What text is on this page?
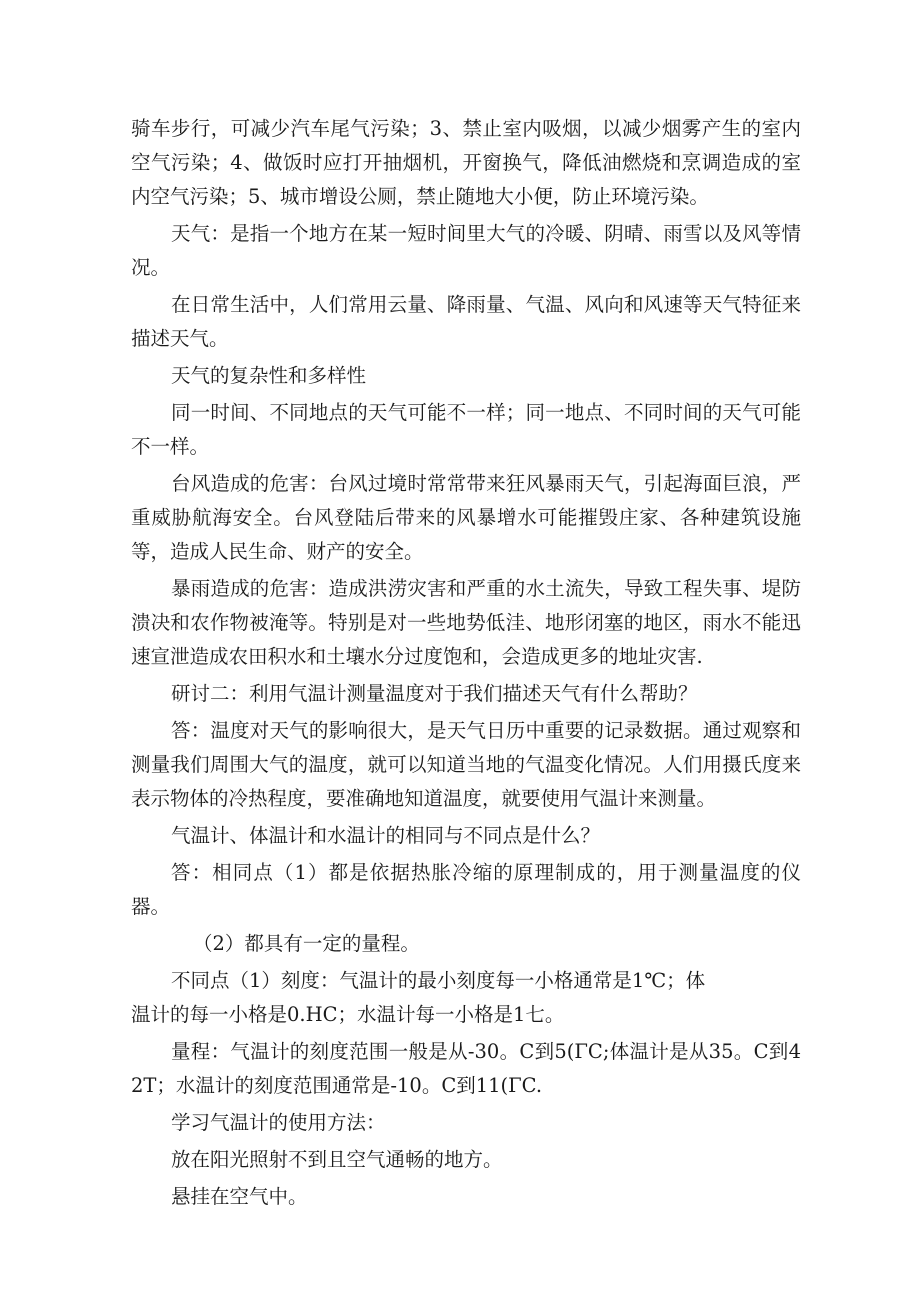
骑车步行，可减少汽车尾气污染；3、禁止室内吸烟，以减少烟雾产生的室内空气污染；4、做饭时应打开抽烟机，开窗换气，降低油燃烧和烹调造成的室内空气污染；5、城市增设公厕，禁止随地大小便，防止环境污染。

天气：是指一个地方在某一短时间里大气的冷暖、阴晴、雨雪以及风等情况。

在日常生活中，人们常用云量、降雨量、气温、风向和风速等天气特征来描述天气。

天气的复杂性和多样性

同一时间、不同地点的天气可能不一样；同一地点、不同时间的天气可能不一样。

台风造成的危害：台风过境时常常带来狂风暴雨天气，引起海面巨浪，严重威胁航海安全。台风登陆后带来的风暴增水可能摧毁庄家、各种建筑设施等，造成人民生命、财产的安全。

暴雨造成的危害：造成洪涝灾害和严重的水土流失，导致工程失事、堤防溃决和农作物被淹等。特别是对一些地势低洼、地形闭塞的地区，雨水不能迅速宣泄造成农田积水和土壤水分过度饱和，会造成更多的地址灾害.

研讨二：利用气温计测量温度对于我们描述天气有什么帮助？

答：温度对天气的影响很大，是天气日历中重要的记录数据。通过观察和测量我们周围大气的温度，就可以知道当地的气温变化情况。人们用摄氏度来表示物体的冷热程度，要准确地知道温度，就要使用气温计来测量。

气温计、体温计和水温计的相同与不同点是什么？

答：相同点（1）都是依据热胀冷缩的原理制成的，用于测量温度的仪器。

（2）都具有一定的量程。

不同点（1）刻度：气温计的最小刻度每一小格通常是1℃；体

温计的每一小格是0.HC；水温计每一小格是1七。

量程：气温计的刻度范围一般是从-30。C到5(ΓC;体温计是从35。C到42T；水温计的刻度范围通常是-10。C到11(ΓC.

学习气温计的使用方法：

放在阳光照射不到且空气通畅的地方。

悬挂在空气中。
